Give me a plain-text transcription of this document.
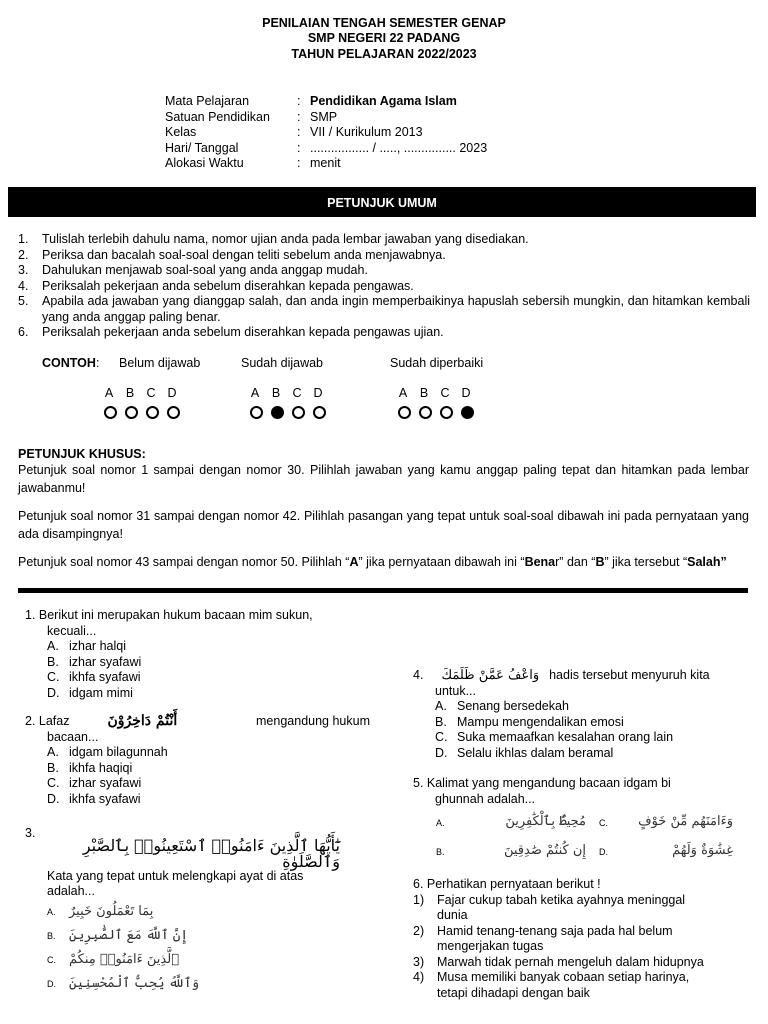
PENILAIAN TENGAH SEMESTER GENAP
SMP NEGERI 22 PADANG
TAHUN PELAJARAN 2022/2023
Mata Pelajaran	: Pendidikan Agama Islam
Satuan Pendidikan	: SMP
Kelas	: VII / Kurikulum 2013
Hari/ Tanggal	: ................. / ....., ............... 2023
Alokasi Waktu	: menit
PETUNJUK UMUM
1.	Tulislah terlebih dahulu nama, nomor ujian anda pada lembar jawaban yang disediakan.
2.	Periksa dan bacalah soal-soal dengan teliti sebelum anda menjawabnya.
3.	Dahulukan menjawab soal-soal yang anda anggap mudah.
4.	Periksalah pekerjaan anda sebelum diserahkan kepada pengawas.
5.	Apabila ada jawaban yang dianggap salah, dan anda ingin memperbaikinya hapuslah sebersih mungkin, dan hitamkan kembali yang anda anggap paling benar.
6.	Periksalah pekerjaan anda sebelum diserahkan kepada pengawas ujian.
CONTOH: Belum dijawab	Sudah dijawab	Sudah diperbaiki
A B C D	A B C D	A B C D
PETUNJUK KHUSUS:
Petunjuk soal nomor 1 sampai dengan nomor 30. Pilihlah jawaban yang kamu anggap paling tepat dan hitamkan pada lembar jawabanmu!
Petunjuk soal nomor 31 sampai dengan nomor 42. Pilihlah pasangan yang tepat untuk soal-soal dibawah ini pada pernyataan yang ada disampingnya!
Petunjuk soal nomor 43 sampai dengan nomor 50. Pilihlah “A” jika pernyataan dibawah ini “Benar” dan “B” jika tersebut “Salah”
1. Berikut ini merupakan hukum bacaan mim sukun,
kecuali...
A. izhar halqi
B. izhar syafawi
C. ikhfa syafawi
D. idgam mimi
2. Lafaz	أَنْتُمْ دَاخِرُوْنَ	mengandung hukum
bacaan...
A. idgam bilagunnah
B. ikhfa haqiqi
C. izhar syafawi
D. ikhfa syafawi
3.
يَٰٓأَيُّهَا ٱلَّذِينَ ءَامَنُوا۟ ٱسْتَعِينُوا۟ بِٱلصَّبْرِ وَٱلصَّلَوٰةِ
Kata yang tepat untuk melengkapi ayat di atas
adalah...
A.	بِمَا تَعْمَلُونَ خَبِيرٌ
B.	إِنَّ ٱللَّهَ مَعَ ٱلصَّٰبِرِينَ
C.	ٱلَّذِينَ ءَامَنُوا۟ مِنكُمْ
D.	وَٱللَّهُ يُحِبُّ ٱلْمُحْسِنِينَ
4. وَاعْفُ عَمَّنْ ظَلَمَكَ hadis tersebut menyuruh kita
untuk...
A. Senang bersedekah
B. Mampu mengendalikan emosi
C. Suka memaafkan kesalahan orang lain
D. Selalu ikhlas dalam beramal
5. Kalimat yang mengandung bacaan idgam bi
ghunnah adalah...
A.	مُحِيطٌۢ بِٱلْكَٰفِرِينَ C.	وَءَامَنَهُم مِّنْ خَوْفٍ
B.	إِن كُنتُمْ صَٰدِقِينَ D.	غِشَٰوَةٌ وَلَهُمْ
6. Perhatikan pernyataan berikut !
1)	Fajar cukup tabah ketika ayahnya meninggal
dunia
2)	Hamid tenang-tenang saja pada hal belum
mengerjakan tugas
3)	Marwah tidak pernah mengeluh dalam hidupnya
4)	Musa memiliki banyak cobaan setiap harinya,
tetapi dihadapi dengan baik
